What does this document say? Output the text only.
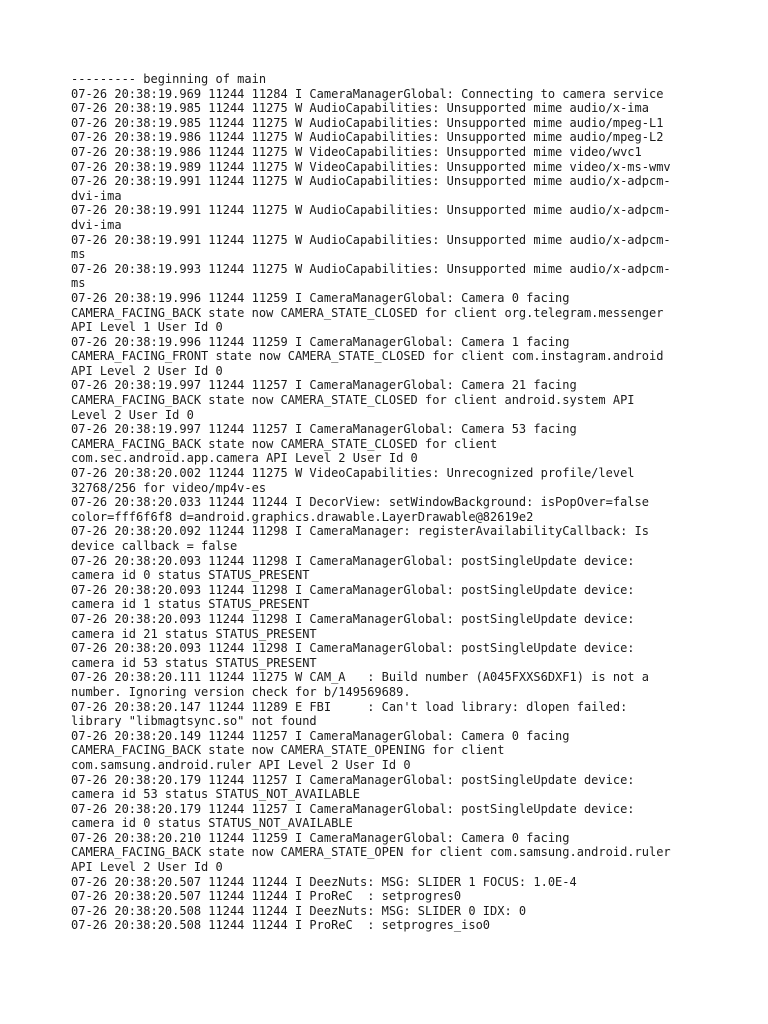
--------- beginning of main
07-26 20:38:19.969 11244 11284 I CameraManagerGlobal: Connecting to camera service
07-26 20:38:19.985 11244 11275 W AudioCapabilities: Unsupported mime audio/x-ima
07-26 20:38:19.985 11244 11275 W AudioCapabilities: Unsupported mime audio/mpeg-L1
07-26 20:38:19.986 11244 11275 W AudioCapabilities: Unsupported mime audio/mpeg-L2
07-26 20:38:19.986 11244 11275 W VideoCapabilities: Unsupported mime video/wvc1
07-26 20:38:19.989 11244 11275 W VideoCapabilities: Unsupported mime video/x-ms-wmv
07-26 20:38:19.991 11244 11275 W AudioCapabilities: Unsupported mime audio/x-adpcm-
dvi-ima
07-26 20:38:19.991 11244 11275 W AudioCapabilities: Unsupported mime audio/x-adpcm-
dvi-ima
07-26 20:38:19.991 11244 11275 W AudioCapabilities: Unsupported mime audio/x-adpcm-
ms
07-26 20:38:19.993 11244 11275 W AudioCapabilities: Unsupported mime audio/x-adpcm-
ms
07-26 20:38:19.996 11244 11259 I CameraManagerGlobal: Camera 0 facing
CAMERA_FACING_BACK state now CAMERA_STATE_CLOSED for client org.telegram.messenger
API Level 1 User Id 0
07-26 20:38:19.996 11244 11259 I CameraManagerGlobal: Camera 1 facing
CAMERA_FACING_FRONT state now CAMERA_STATE_CLOSED for client com.instagram.android
API Level 2 User Id 0
07-26 20:38:19.997 11244 11257 I CameraManagerGlobal: Camera 21 facing
CAMERA_FACING_BACK state now CAMERA_STATE_CLOSED for client android.system API
Level 2 User Id 0
07-26 20:38:19.997 11244 11257 I CameraManagerGlobal: Camera 53 facing
CAMERA_FACING_BACK state now CAMERA_STATE_CLOSED for client
com.sec.android.app.camera API Level 2 User Id 0
07-26 20:38:20.002 11244 11275 W VideoCapabilities: Unrecognized profile/level
32768/256 for video/mp4v-es
07-26 20:38:20.033 11244 11244 I DecorView: setWindowBackground: isPopOver=false
color=fff6f6f8 d=android.graphics.drawable.LayerDrawable@82619e2
07-26 20:38:20.092 11244 11298 I CameraManager: registerAvailabilityCallback: Is
device callback = false
07-26 20:38:20.093 11244 11298 I CameraManagerGlobal: postSingleUpdate device:
camera id 0 status STATUS_PRESENT
07-26 20:38:20.093 11244 11298 I CameraManagerGlobal: postSingleUpdate device:
camera id 1 status STATUS_PRESENT
07-26 20:38:20.093 11244 11298 I CameraManagerGlobal: postSingleUpdate device:
camera id 21 status STATUS_PRESENT
07-26 20:38:20.093 11244 11298 I CameraManagerGlobal: postSingleUpdate device:
camera id 53 status STATUS_PRESENT
07-26 20:38:20.111 11244 11275 W CAM_A   : Build number (A045FXXS6DXF1) is not a
number. Ignoring version check for b/149569689.
07-26 20:38:20.147 11244 11289 E FBI     : Can't load library: dlopen failed:
library "libmagtsync.so" not found
07-26 20:38:20.149 11244 11257 I CameraManagerGlobal: Camera 0 facing
CAMERA_FACING_BACK state now CAMERA_STATE_OPENING for client
com.samsung.android.ruler API Level 2 User Id 0
07-26 20:38:20.179 11244 11257 I CameraManagerGlobal: postSingleUpdate device:
camera id 53 status STATUS_NOT_AVAILABLE
07-26 20:38:20.179 11244 11257 I CameraManagerGlobal: postSingleUpdate device:
camera id 0 status STATUS_NOT_AVAILABLE
07-26 20:38:20.210 11244 11259 I CameraManagerGlobal: Camera 0 facing
CAMERA_FACING_BACK state now CAMERA_STATE_OPEN for client com.samsung.android.ruler
API Level 2 User Id 0
07-26 20:38:20.507 11244 11244 I DeezNuts: MSG: SLIDER 1 FOCUS: 1.0E-4
07-26 20:38:20.507 11244 11244 I ProReC  : setprogres0
07-26 20:38:20.508 11244 11244 I DeezNuts: MSG: SLIDER 0 IDX: 0
07-26 20:38:20.508 11244 11244 I ProReC  : setprogres_iso0
